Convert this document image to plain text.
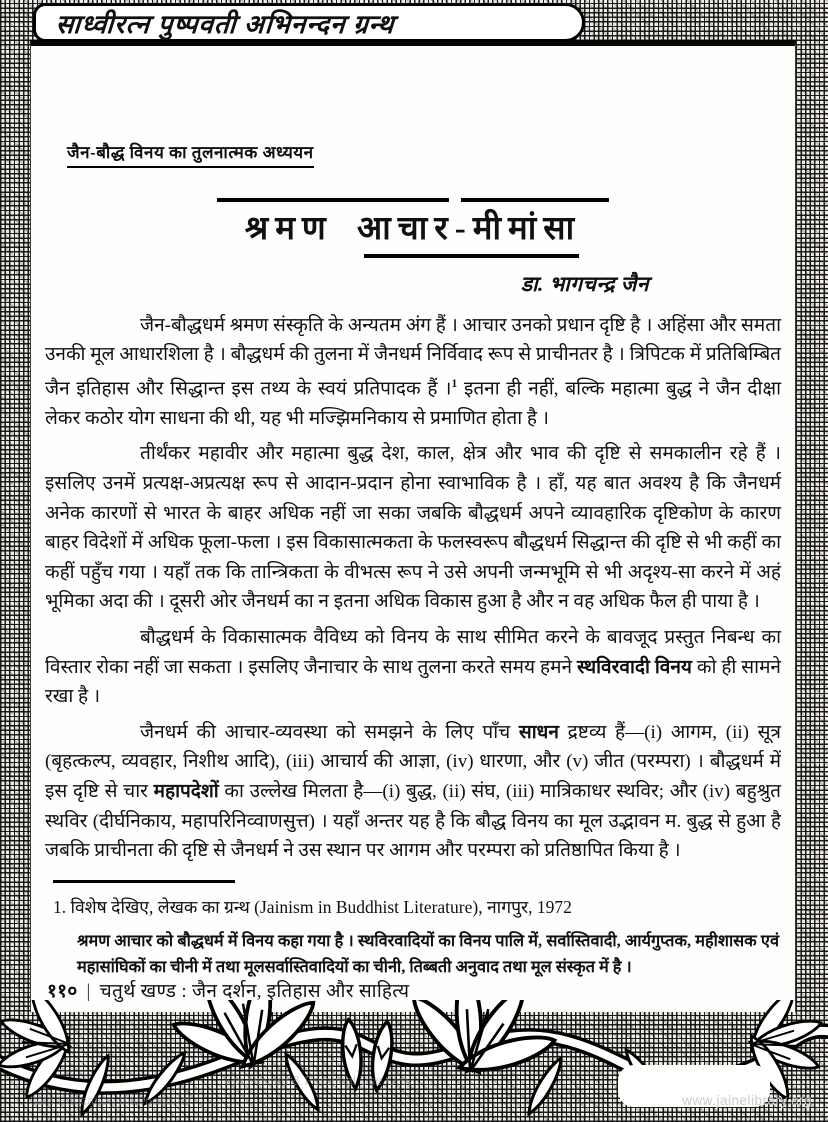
साध्वीरत्न पुष्पवती अभिनन्दन ग्रन्थ
जैन-बौद्ध विनय का तुलनात्मक अध्ययन
श्रमण आचार-मीमांसा
डा. भागचन्द्र जैन

जैन-बौद्धधर्म श्रमण संस्कृति के अन्यतम अंग हैं । आचार उनको प्रधान दृष्टि है । अहिंसा और समता उनकी मूल आधारशिला है । बौद्धधर्म की तुलना में जैनधर्म निर्विवाद रूप से प्राचीनतर है । त्रिपिटक में प्रतिबिम्बित जैन इतिहास और सिद्धान्त इस तथ्य के स्वयं प्रतिपादक हैं ।$^1$ इतना ही नहीं, बल्कि महात्मा बुद्ध ने जैन दीक्षा लेकर कठोर योग साधना की थी, यह भी मज्झिमनिकाय से प्रमाणित होता है ।

तीर्थंकर महावीर और महात्मा बुद्ध देश, काल, क्षेत्र और भाव की दृष्टि से समकालीन रहे हैं । इसलिए उनमें प्रत्यक्ष-अप्रत्यक्ष रूप से आदान-प्रदान होना स्वाभाविक है । हाँ, यह बात अवश्य है कि जैनधर्म अनेक कारणों से भारत के बाहर अधिक नहीं जा सका जबकि बौद्धधर्म अपने व्यावहारिक दृष्टिकोण के कारण बाहर विदेशों में अधिक फूला-फला । इस विकासात्मकता के फलस्वरूप बौद्धधर्म सिद्धान्त की दृष्टि से भी कहीं का कहीं पहुँच गया । यहाँ तक कि तान्त्रिकता के वीभत्स रूप ने उसे अपनी जन्मभूमि से भी अदृश्य-सा करने में अहं भूमिका अदा की । दूसरी ओर जैनधर्म का न इतना अधिक विकास हुआ है और न वह अधिक फैल ही पाया है ।

बौद्धधर्म के विकासात्मक वैविध्य को विनय के साथ सीमित करने के बावजूद प्रस्तुत निबन्ध का विस्तार रोका नहीं जा सकता । इसलिए जैनाचार के साथ तुलना करते समय हमने स्थविरवादी विनय को ही सामने रखा है ।

जैनधर्म की आचार-व्यवस्था को समझने के लिए पाँच साधन द्रष्टव्य हैं—(i) आगम, (ii) सूत्र (बृहत्कल्प, व्यवहार, निशीथ आदि), (iii) आचार्य की आज्ञा, (iv) धारणा, और (v) जीत (परम्परा) । बौद्धधर्म में इस दृष्टि से चार महापदेशों का उल्लेख मिलता है—(i) बुद्ध, (ii) संघ, (iii) मात्रिकाधर स्थविर; और (iv) बहुश्रुत स्थविर (दीर्घनिकाय, महापरिनिव्वाणसुत्त) । यहाँ अन्तर यह है कि बौद्ध विनय का मूल उद्भावन म. बुद्ध से हुआ है जबकि प्राचीनता की दृष्टि से जैनधर्म ने उस स्थान पर आगम और परम्परा को प्रतिष्ठापित किया है ।

1. विशेष देखिए, लेखक का ग्रन्थ (Jainism in Buddhist Literature), नागपुर, 1972
श्रमण आचार को बौद्धधर्म में विनय कहा गया है । स्थविरवादियों का विनय पालि में, सर्वास्तिवादी, आर्यगुप्तक, महीशासक एवं महासांघिकों का चीनी में तथा मूलसर्वास्तिवादियों का चीनी, तिब्बती अनुवाद तथा मूल संस्कृत में है ।
११० | चतुर्थ खण्ड : जैन दर्शन, इतिहास और साहित्य
Jain Education International
For Private & Personal Use Only
www.jainelibrary.org
